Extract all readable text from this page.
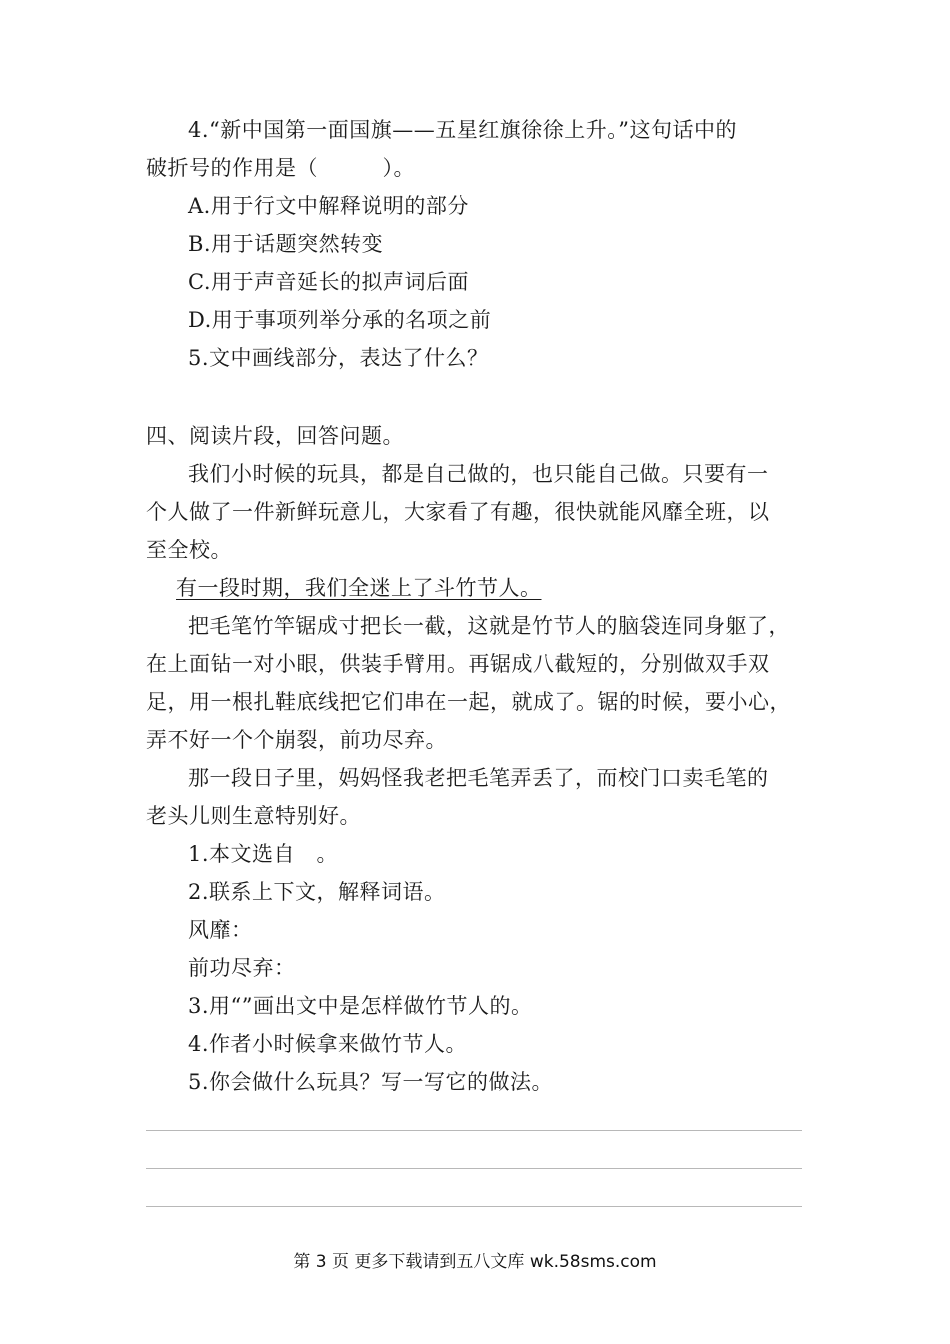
4.“新中国第一面国旗——五星红旗徐徐上升。”这句话中的
破折号的作用是（　　　）。
A.用于行文中解释说明的部分
B.用于话题突然转变
C.用于声音延长的拟声词后面
D.用于事项列举分承的名项之前
5.文中画线部分，表达了什么？
四、阅读片段，回答问题。
我们小时候的玩具，都是自己做的，也只能自己做。只要有一
个人做了一件新鲜玩意儿，大家看了有趣，很快就能风靡全班，以
至全校。
有一段时期，我们全迷上了斗竹节人。
把毛笔竹竿锯成寸把长一截，这就是竹节人的脑袋连同身躯了，
在上面钻一对小眼，供装手臂用。再锯成八截短的，分别做双手双
足，用一根扎鞋底线把它们串在一起，就成了。锯的时候，要小心，
弄不好一个个崩裂，前功尽弃。
那一段日子里，妈妈怪我老把毛笔弄丢了，而校门口卖毛笔的
老头儿则生意特别好。
1.本文选自　。
2.联系上下文，解释词语。
风靡：
前功尽弃：
3.用“”画出文中是怎样做竹节人的。
4.作者小时候拿来做竹节人。
5.你会做什么玩具？写一写它的做法。
第 3 页 更多下载请到五八文库 wk.58sms.com
